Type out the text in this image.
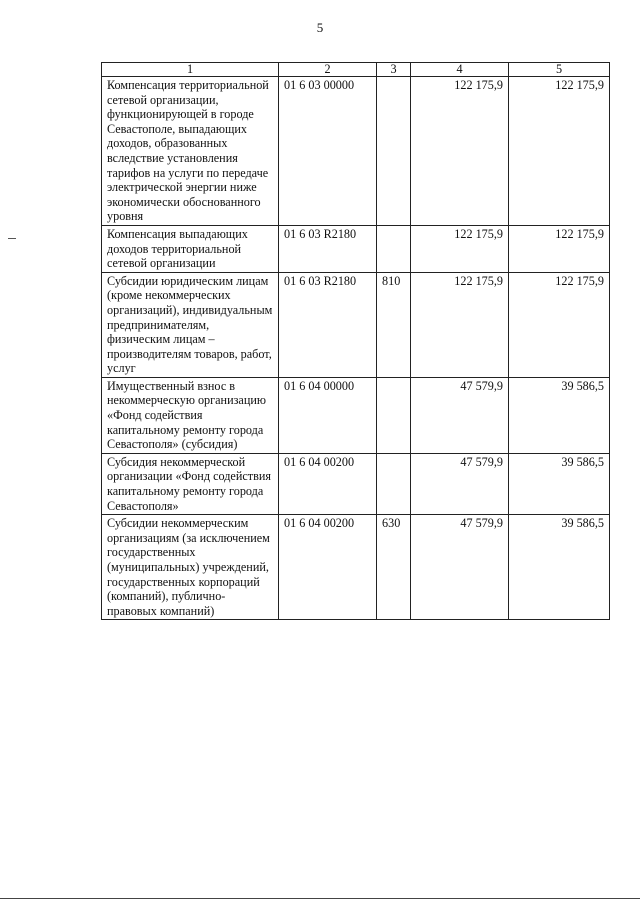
5
1	2	3	4	5
Компенсация территориальной сетевой организации, функционирующей в городе Севастополе, выпадающих доходов, образованных вследствие установления тарифов на услуги по передаче электрической энергии ниже экономически обоснованного уровня	01 6 03 00000		122 175,9	122 175,9
Компенсация выпадающих доходов территориальной сетевой организации	01 6 03 R2180		122 175,9	122 175,9
Субсидии юридическим лицам (кроме некоммерческих организаций), индивидуальным предпринимателям, физическим лицам – производителям товаров, работ, услуг	01 6 03 R2180	810	122 175,9	122 175,9
Имущественный взнос в некоммерческую организацию «Фонд содействия капитальному ремонту города Севастополя» (субсидия)	01 6 04 00000		47 579,9	39 586,5
Субсидия некоммерческой организации «Фонд содействия капитальному ремонту города Севастополя»	01 6 04 00200		47 579,9	39 586,5
Субсидии некоммерческим организациям (за исключением государственных (муниципальных) учреждений, государственных корпораций (компаний), публично-правовых компаний)	01 6 04 00200	630	47 579,9	39 586,5
